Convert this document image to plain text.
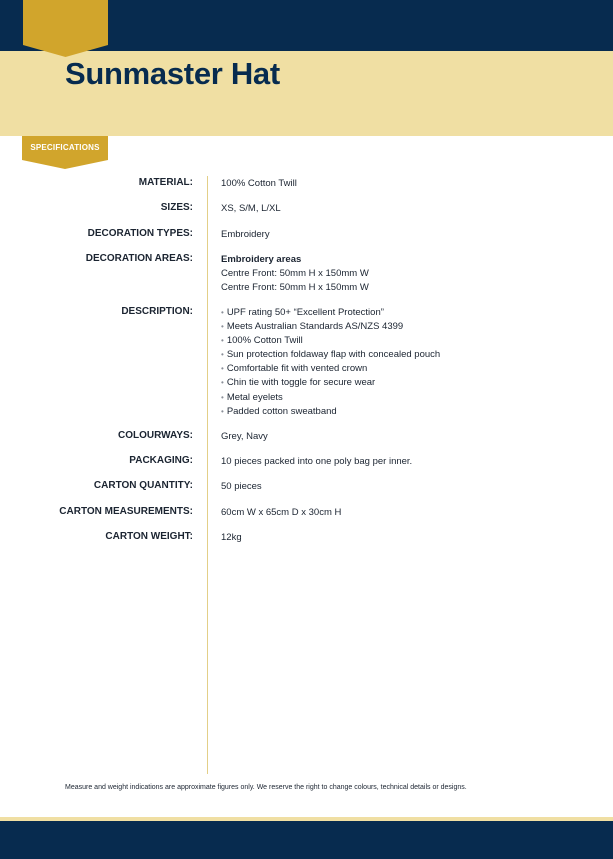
Sunmaster Hat
SPECIFICATIONS
MATERIAL:	100% Cotton Twill
SIZES:	XS, S/M, L/XL
DECORATION TYPES:	Embroidery
DECORATION AREAS:	Embroidery areas
Centre Front: 50mm H x 150mm W
Centre Front: 50mm H x 150mm W
DESCRIPTION:
•	UPF rating 50+ “Excellent Protection”
• Meets Australian Standards AS/NZS 4399
• 100% Cotton Twill
• Sun protection foldaway flap with concealed pouch
• Comfortable fit with vented crown
• Chin tie with toggle for secure wear
• Metal eyelets
• Padded cotton sweatband
COLOURWAYS:	Grey, Navy
PACKAGING:	10 pieces packed into one poly bag per inner.
CARTON QUANTITY:	50 pieces
CARTON MEASUREMENTS:	60cm W x 65cm D x 30cm H
CARTON WEIGHT:	12kg
Measure and weight indications are approximate figures only. We reserve the right to change colours, technical details or designs.
